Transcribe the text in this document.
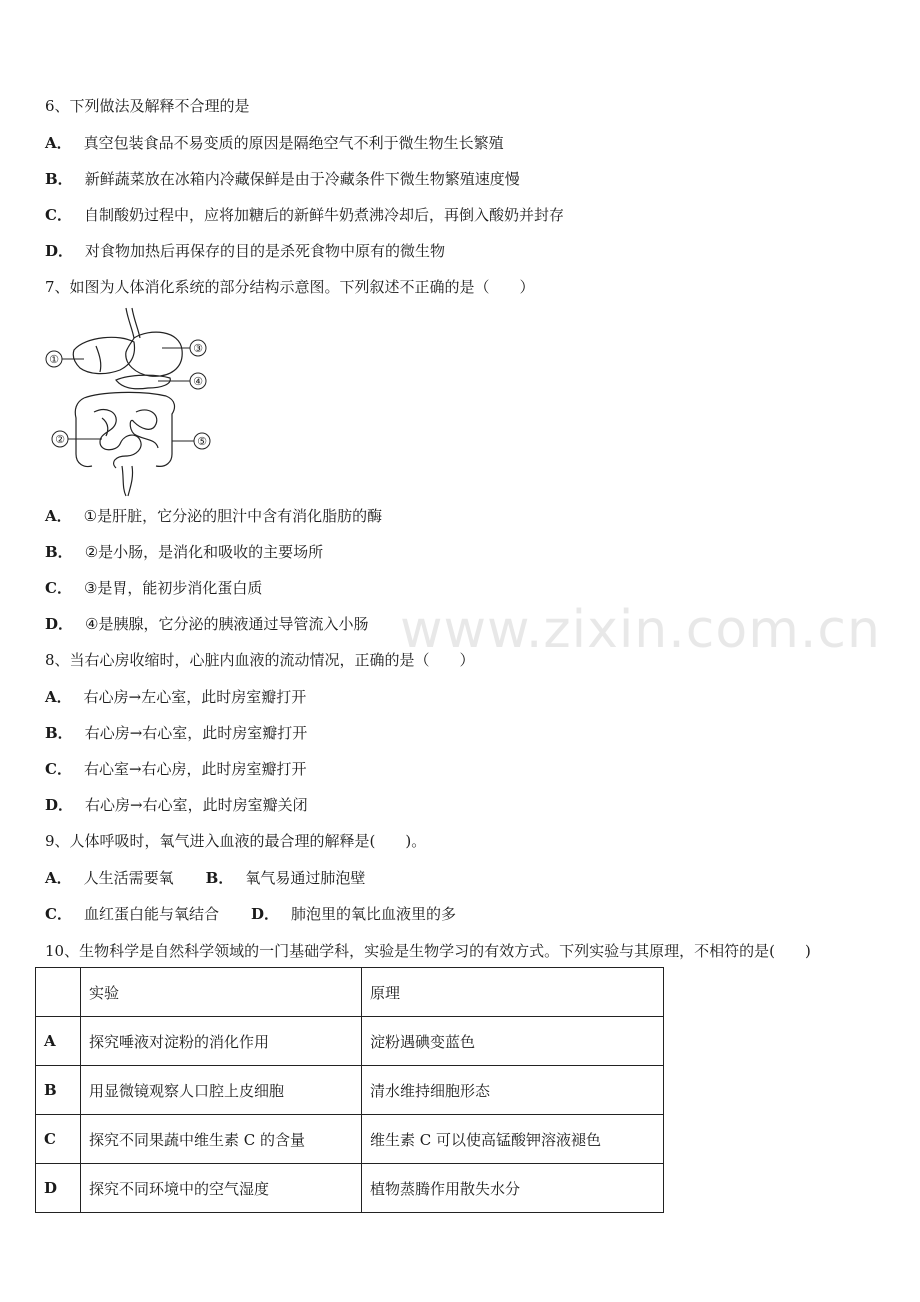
6、下列做法及解释不合理的是
A． 真空包装食品不易变质的原因是隔绝空气不利于微生物生长繁殖
B． 新鲜蔬菜放在冰箱内冷藏保鲜是由于冷藏条件下微生物繁殖速度慢
C． 自制酸奶过程中，应将加糖后的新鲜牛奶煮沸冷却后，再倒入酸奶并封存
D． 对食物加热后再保存的目的是杀死食物中原有的微生物
7、如图为人体消化系统的部分结构示意图。下列叙述不正确的是（　　）
①
②
③
④
⑤
A． ①是肝脏，它分泌的胆汁中含有消化脂肪的酶
B． ②是小肠，是消化和吸收的主要场所
C． ③是胃，能初步消化蛋白质
D． ④是胰腺，它分泌的胰液通过导管流入小肠 www.zixin.com.cn
8、当右心房收缩时，心脏内血液的流动情况，正确的是（　　）
A． 右心房→左心室，此时房室瓣打开
B． 右心房→右心室，此时房室瓣打开
C． 右心室→右心房，此时房室瓣打开
D． 右心房→右心室，此时房室瓣关闭
9、人体呼吸时，氧气进入血液的最合理的解释是(　　)。
A． 人生活需要氧 B． 氧气易通过肺泡壁
C． 血红蛋白能与氧结合 D． 肺泡里的氧比血液里的多
10、生物科学是自然科学领域的一门基础学科，实验是生物学习的有效方式。下列实验与其原理，不相符的是(　　)
	实验	原理
A	探究唾液对淀粉的消化作用	淀粉遇碘变蓝色
B	用显微镜观察人口腔上皮细胞	清水维持细胞形态
C	探究不同果蔬中维生素 C 的含量	维生素 C 可以使高锰酸钾溶液褪色
D	探究不同环境中的空气湿度	植物蒸腾作用散失水分
